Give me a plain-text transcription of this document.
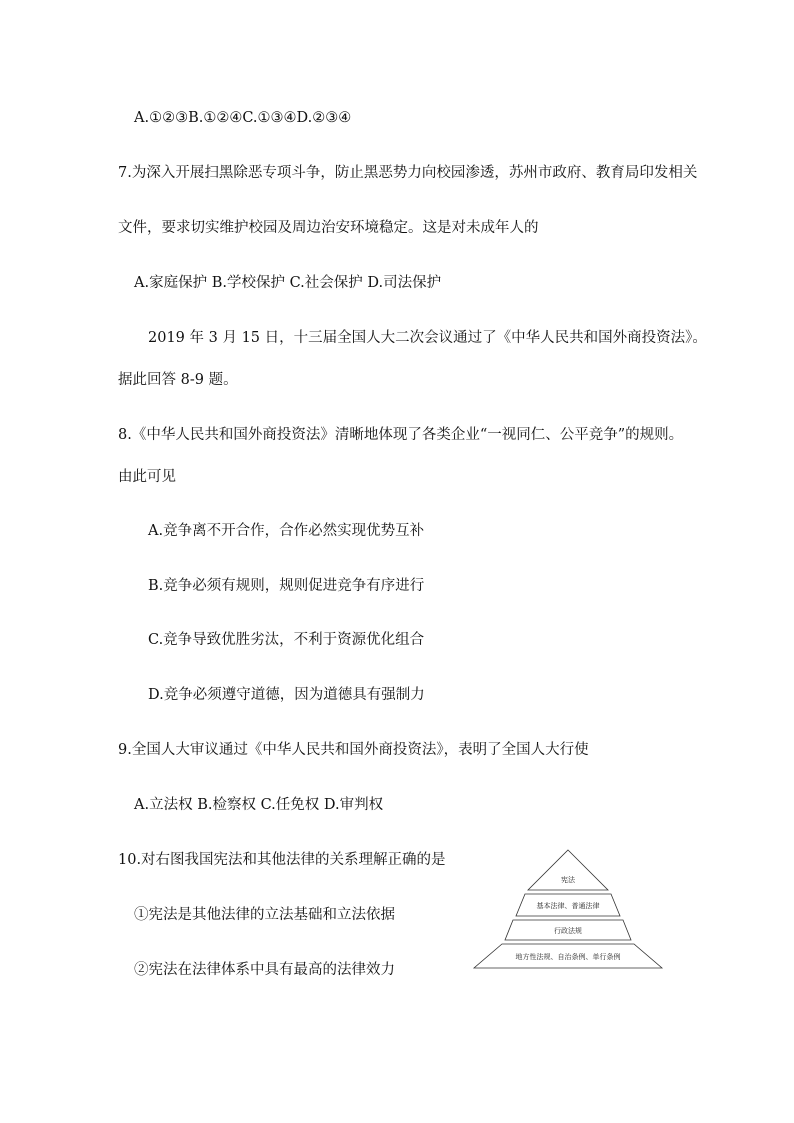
A.①②③B.①②④C.①③④D.②③④
7.为深入开展扫黑除恶专项斗争，防止黑恶势力向校园渗透，苏州市政府、教育局印发相关
文件，要求切实维护校园及周边治安环境稳定。这是对未成年人的
A.家庭保护 B.学校保护 C.社会保护 D.司法保护
2019 年 3 月 15 日，十三届全国人大二次会议通过了《中华人民共和国外商投资法》。
据此回答 8-9 题。
8.《中华人民共和国外商投资法》清晰地体现了各类企业“一视同仁、公平竞争”的规则。
由此可见
A.竞争离不开合作，合作必然实现优势互补
B.竞争必须有规则，规则促进竞争有序进行
C.竞争导致优胜劣汰，不利于资源优化组合
D.竞争必须遵守道德，因为道德具有强制力
9.全国人大审议通过《中华人民共和国外商投资法》，表明了全国人大行使
A.立法权 B.检察权 C.任免权 D.审判权
10.对右图我国宪法和其他法律的关系理解正确的是
①宪法是其他法律的立法基础和立法依据
②宪法在法律体系中具有最高的法律效力
宪法
基本法律、普通法律
行政法规
地方性法规、自治条例、单行条例
